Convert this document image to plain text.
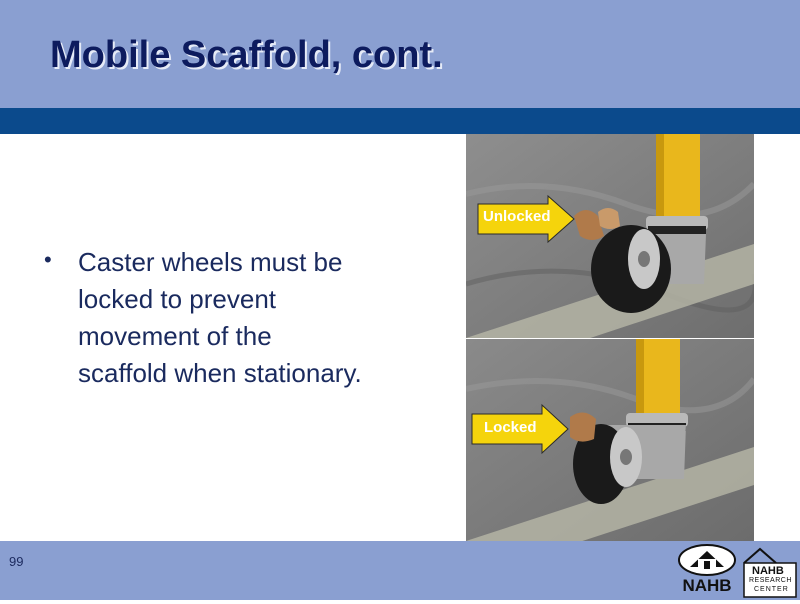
Mobile Scaffold, cont.
• Caster wheels must be locked to prevent movement of the scaffold when stationary.
Unlocked
Locked
99
NAHB
NAHB
RESEARCH
CENTER
